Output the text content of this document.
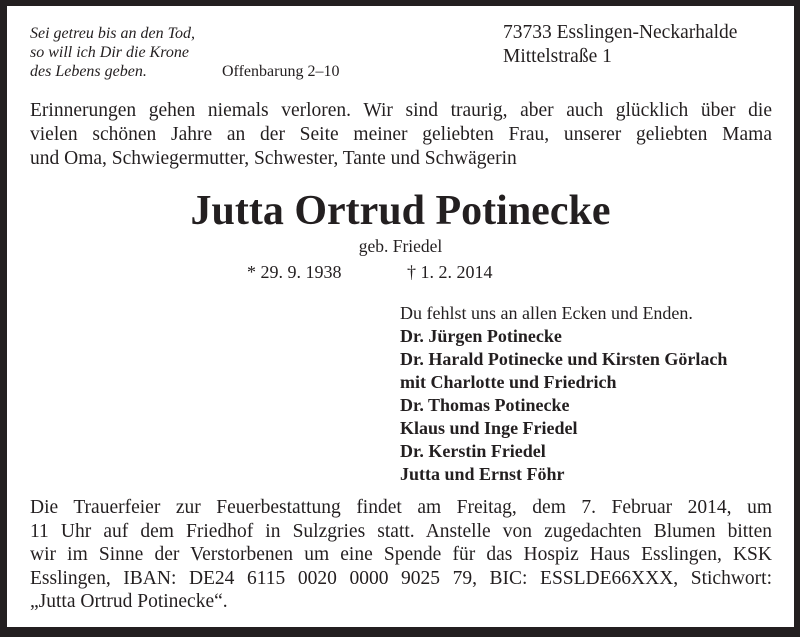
Sei getreu bis an den Tod,
so will ich Dir die Krone
des Lebens geben.	Offenbarung 2–10
73733 Esslingen-Neckarhalde
Mittelstraße 1
Erinnerungen gehen niemals verloren. Wir sind traurig, aber auch glücklich über die
vielen schönen Jahre an der Seite meiner geliebten Frau, unserer geliebten Mama
und Oma, Schwiegermutter, Schwester, Tante und Schwägerin
Jutta Ortrud Potinecke
geb. Friedel
* 29. 9. 1938	† 1. 2. 2014
Du fehlst uns an allen Ecken und Enden.
Dr. Jürgen Potinecke
Dr. Harald Potinecke und Kirsten Görlach
mit Charlotte und Friedrich
Dr. Thomas Potinecke
Klaus und Inge Friedel
Dr. Kerstin Friedel
Jutta und Ernst Föhr
Die Trauerfeier zur Feuerbestattung findet am Freitag, dem 7. Februar 2014, um
11 Uhr auf dem Friedhof in Sulzgries statt. Anstelle von zugedachten Blumen bitten
wir im Sinne der Verstorbenen um eine Spende für das Hospiz Haus Esslingen, KSK
Esslingen, IBAN: DE24 6115 0020 0000 9025 79, BIC: ESSLDE66XXX, Stichwort:
„Jutta Ortrud Potinecke“.
